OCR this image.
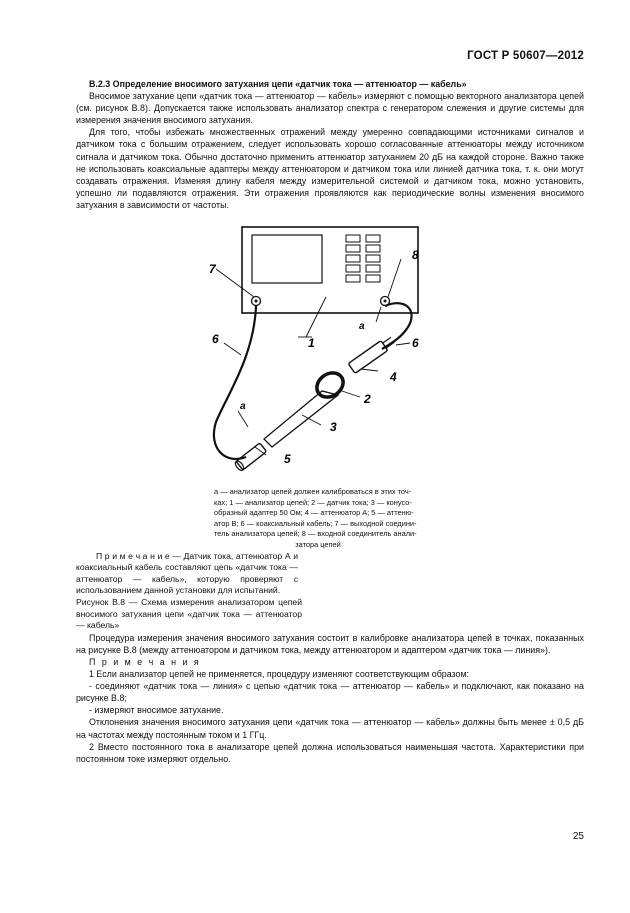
ГОСТ Р 50607—2012

В.2.3 Определение вносимого затухания цепи «датчик тока — аттенюатор — кабель»

Вносимое затухание цепи «датчик тока — аттенюатор — кабель» измеряют с помощью векторного анализатора цепей (см. рисунок В.8). Допускается также использовать анализатор спектра с генератором слежения и другие системы для измерения значения вносимого затухания.

Для того, чтобы избежать множественных отражений между умеренно совпадающими источниками сигналов и датчиком тока с большим отражением, следует использовать хорошо согласованные аттенюаторы между источником сигнала и датчиком тока. Обычно достаточно применить аттенюатор затуханием 20 дБ на каждой стороне. Важно также не использовать коаксиальные адаптеры между аттенюатором и датчиком тока или линией датчика тока, т. к. они могут создавать отражения. Изменяя длину кабеля между измерительной системой и датчиком тока, можно установить, успешно ли подавляются отражения. Эти отражения проявляются как периодические волны изменения вносимого затухания в зависимости от частоты.

7
8
1
а
6	6
4
2
3
а
5
а — анализатор цепей должен калиброваться в этих точ-
ках; 1 — анализатор цепей; 2 — датчик тока; 3 — конусо-
образный адаптер 50 Ом; 4 — аттенюатор А; 5 — аттеню-
атор В; 6 — коаксиальный кабель; 7 — выходной соедини-
тель анализатора цепей; 8 — входной соединитель анали-
затора цепей

П р и м е ч а н и е — Датчик тока, аттенюатор А и коаксиальный кабель составляют цепь «датчик тока — аттенюатор — кабель», которую проверяют с использованием данной установки для испытаний.

Рисунок В.8 — Схема измерения анализатором цепей вносимого затухания цепи «датчик тока — аттенюатор — кабель»

Процедура измерения значения вносимого затухания состоит в калибровке анализатора цепей в точках, показанных на рисунке В.8 (между аттенюатором и датчиком тока, между аттенюатором и адаптером «датчик тока — линия»).

П р и м е ч а н и я

1 Если анализатор цепей не применяется, процедуру изменяют соответствующим образом:

- соединяют «датчик тока — линия» с цепью «датчик тока — аттенюатор — кабель» и подключают, как показано на рисунке В.8;

- измеряют вносимое затухание.

Отклонения значения вносимого затухания цепи «датчик тока — аттенюатор — кабель» должны быть менее ± 0,5 дБ на частотах между постоянным током и 1 ГГц.

2 Вместо постоянного тока в анализаторе цепей должна использоваться наименьшая частота. Характеристики при постоянном токе измеряют отдельно.

25
